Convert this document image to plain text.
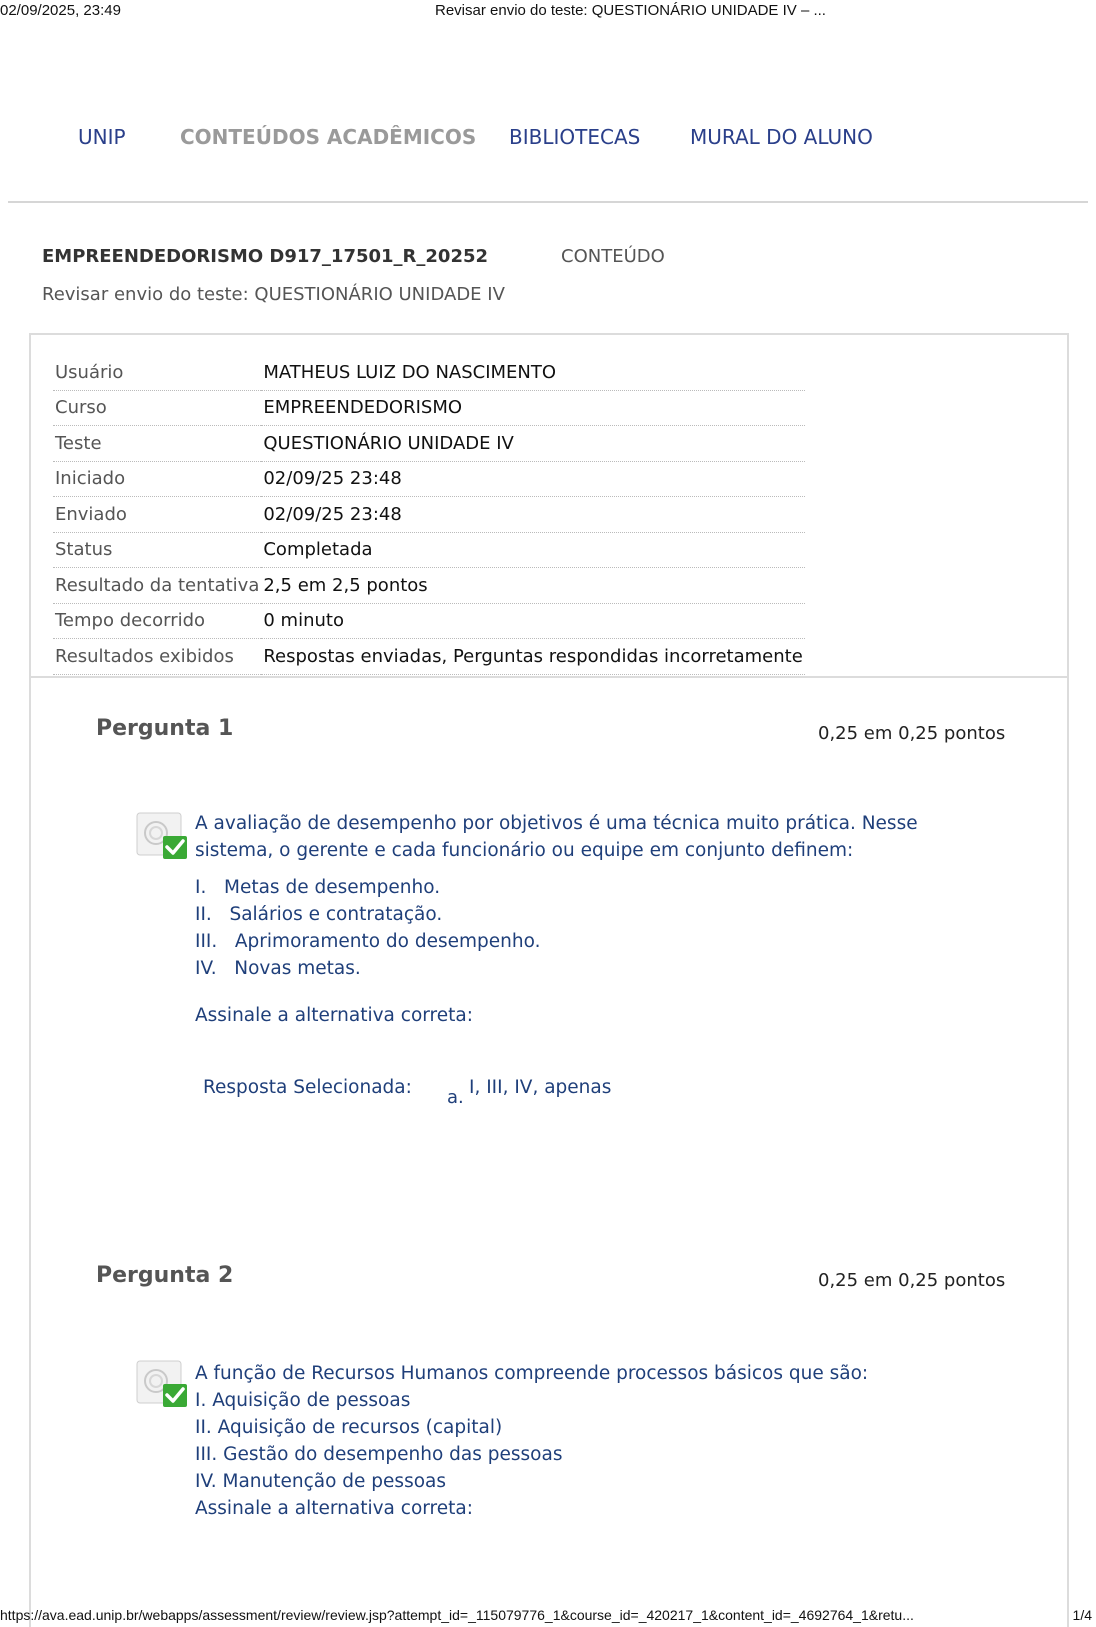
02/09/2025, 23:49	Revisar envio do teste: QUESTIONÁRIO UNIDADE IV – ...
UNIP	CONTEÚDOS ACADÊMICOS BIBLIOTECAS MURAL DO ALUNO
EMPREENDEDORISMO D917_17501_R_20252	CONTEÚDO
Revisar envio do teste: QUESTIONÁRIO UNIDADE IV
Usuário	MATHEUS LUIZ DO NASCIMENTO
Curso	EMPREENDEDORISMO
Teste	QUESTIONÁRIO UNIDADE IV
Iniciado	02/09/25 23:48
Enviado	02/09/25 23:48
Status	Completada
Resultado da tentativa	2,5 em 2,5 pontos
Tempo decorrido	0 minuto
Resultados exibidos	Respostas enviadas, Perguntas respondidas incorretamente
Pergunta 1	0,25 em 0,25 pontos

A avaliação de desempenho por objetivos é uma técnica muito prática. Nesse

sistema, o gerente e cada funcionário ou equipe em conjunto definem:

I. Metas de desempenho.

II. Salários e contratação.

III. Aprimoramento do desempenho.

IV. Novas metas.

Assinale a alternativa correta:

Resposta Selecionada: a. I, III, IV, apenas
Pergunta 2	0,25 em 0,25 pontos

A função de Recursos Humanos compreende processos básicos que são:

I. Aquisição de pessoas

II. Aquisição de recursos (capital)

III. Gestão do desempenho das pessoas

IV. Manutenção de pessoas

Assinale a alternativa correta:

https://ava.ead.unip.br/webapps/assessment/review/review.jsp?attempt_id=_115079776_1&course_id=_420217_1&content_id=_4692764_1&retu...	1/4
